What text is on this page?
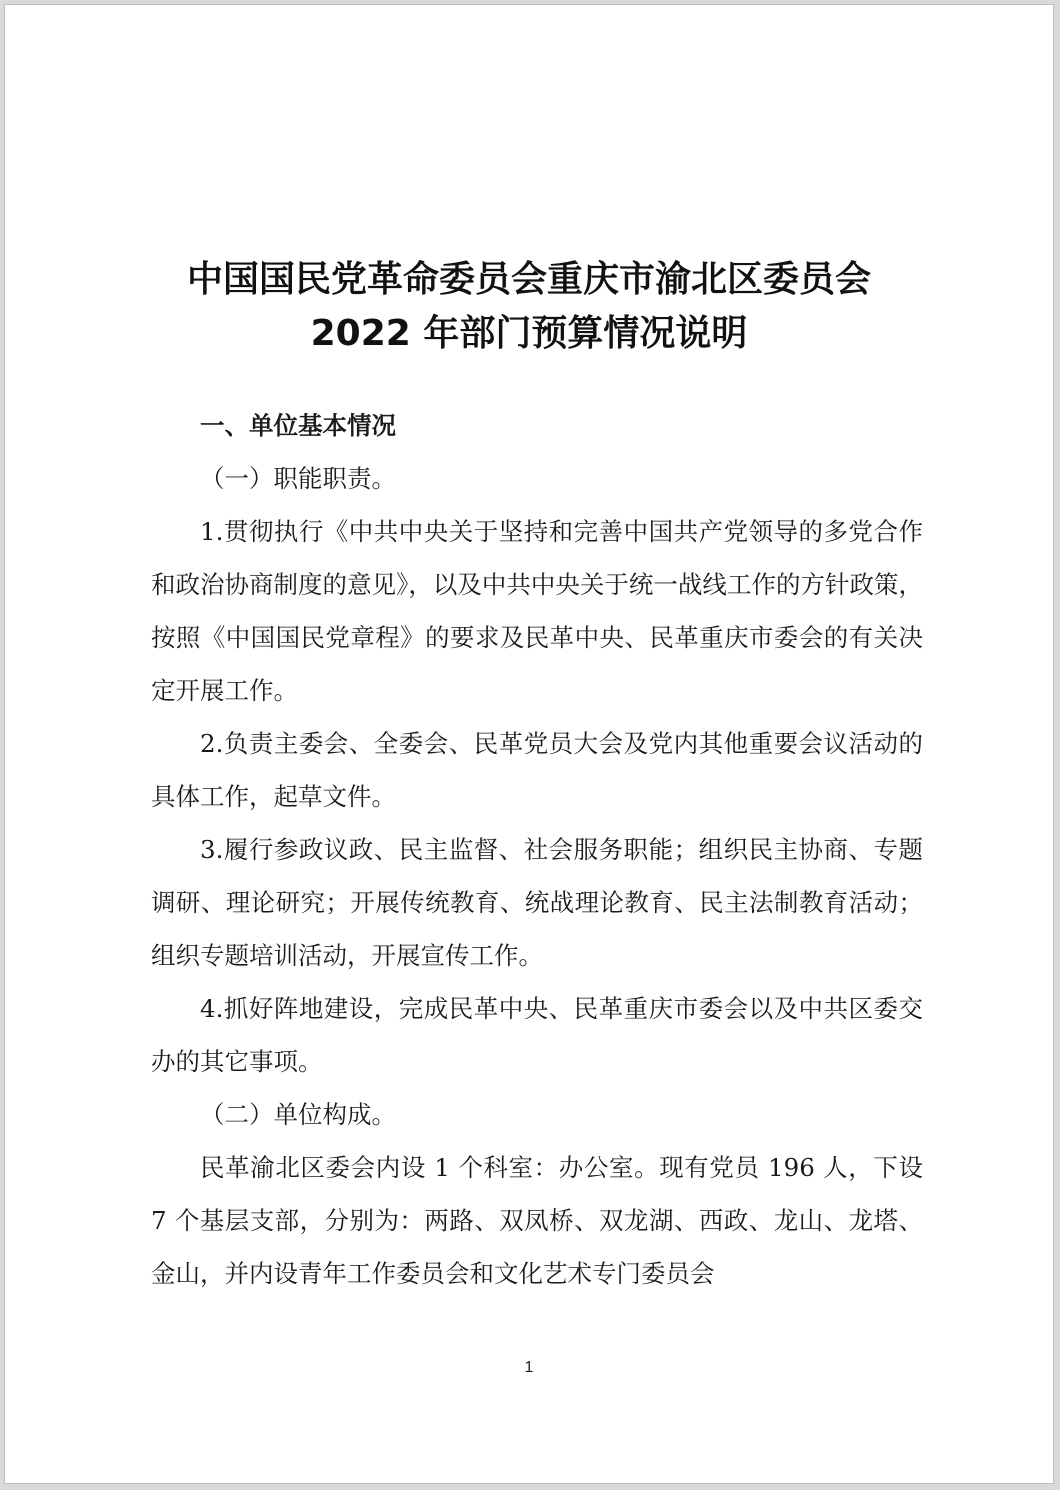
中国国民党革命委员会重庆市渝北区委员会
2022 年部门预算情况说明

一、单位基本情况

（一）职能职责。

1.贯彻执行《中共中央关于坚持和完善中国共产党领导的多党合作和政治协商制度的意见》，以及中共中央关于统一战线工作的方针政策，按照《中国国民党章程》的要求及民革中央、民革重庆市委会的有关决定开展工作。

2.负责主委会、全委会、民革党员大会及党内其他重要会议活动的具体工作，起草文件。

3.履行参政议政、民主监督、社会服务职能；组织民主协商、专题调研、理论研究；开展传统教育、统战理论教育、民主法制教育活动；组织专题培训活动，开展宣传工作。

4.抓好阵地建设，完成民革中央、民革重庆市委会以及中共区委交办的其它事项。

（二）单位构成。

民革渝北区委会内设 1 个科室：办公室。现有党员 196 人，下设 7 个基层支部，分别为：两路、双凤桥、双龙湖、西政、龙山、龙塔、金山，并内设青年工作委员会和文化艺术专门委员会

1
